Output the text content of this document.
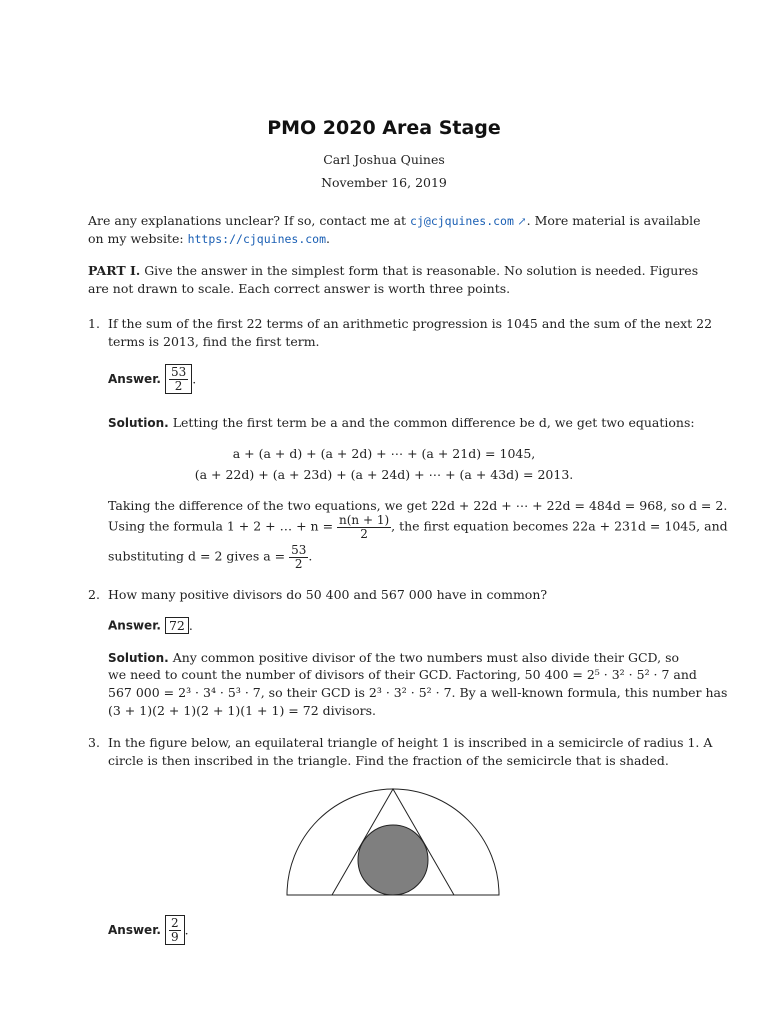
PMO 2020 Area Stage
Carl Joshua Quines
November 16, 2019
Are any explanations unclear? If so, contact me at cj@cjquines.com ↗. More material is available
on my website: https://cjquines.com.
PART I. Give the answer in the simplest form that is reasonable. No solution is needed. Figures
are not drawn to scale. Each correct answer is worth three points.
1. If the sum of the first 22 terms of an arithmetic progression is 1045 and the sum of the next 22
terms is 2013, find the first term.
Answer. $\frac{53}{2}$ .
Solution. Letting the first term be a and the common difference be d, we get two equations:
a + (a + d) + (a + 2d) + ⋯ + (a + 21d) = 1045,
(a + 22d) + (a + 23d) + (a + 24d) + ⋯ + (a + 43d) = 2013.
Taking the difference of the two equations, we get 22d + 22d + ⋯ + 22d = 484d = 968, so d = 2.
Using the formula 1 + 2 + … + $n = \frac{n(n + 1)}{2}$ , the first equation becomes 22a + 231d = 1045, and
substituting d = 2 gives $a = \frac{53}{2}$ .
2. How many positive divisors do 50 400 and 567 000 have in common?
Answer. 72 .
Solution. Any common positive divisor of the two numbers must also divide their GCD, so
we need to count the number of divisors of their GCD. Factoring, 50 400 = 2⁵ · 3² · 5² · 7 and
567 000 = 2³ · 3⁴ · 5³ · 7, so their GCD is 2³ · 3² · 5² · 7. By a well-known formula, this number has
(3 + 1)(2 + 1)(2 + 1)(1 + 1) = 72 divisors.
3. In the figure below, an equilateral triangle of height 1 is inscribed in a semicircle of radius 1. A
circle is then inscribed in the triangle. Find the fraction of the semicircle that is shaded.
Answer. $\frac{2}{9}$ .
